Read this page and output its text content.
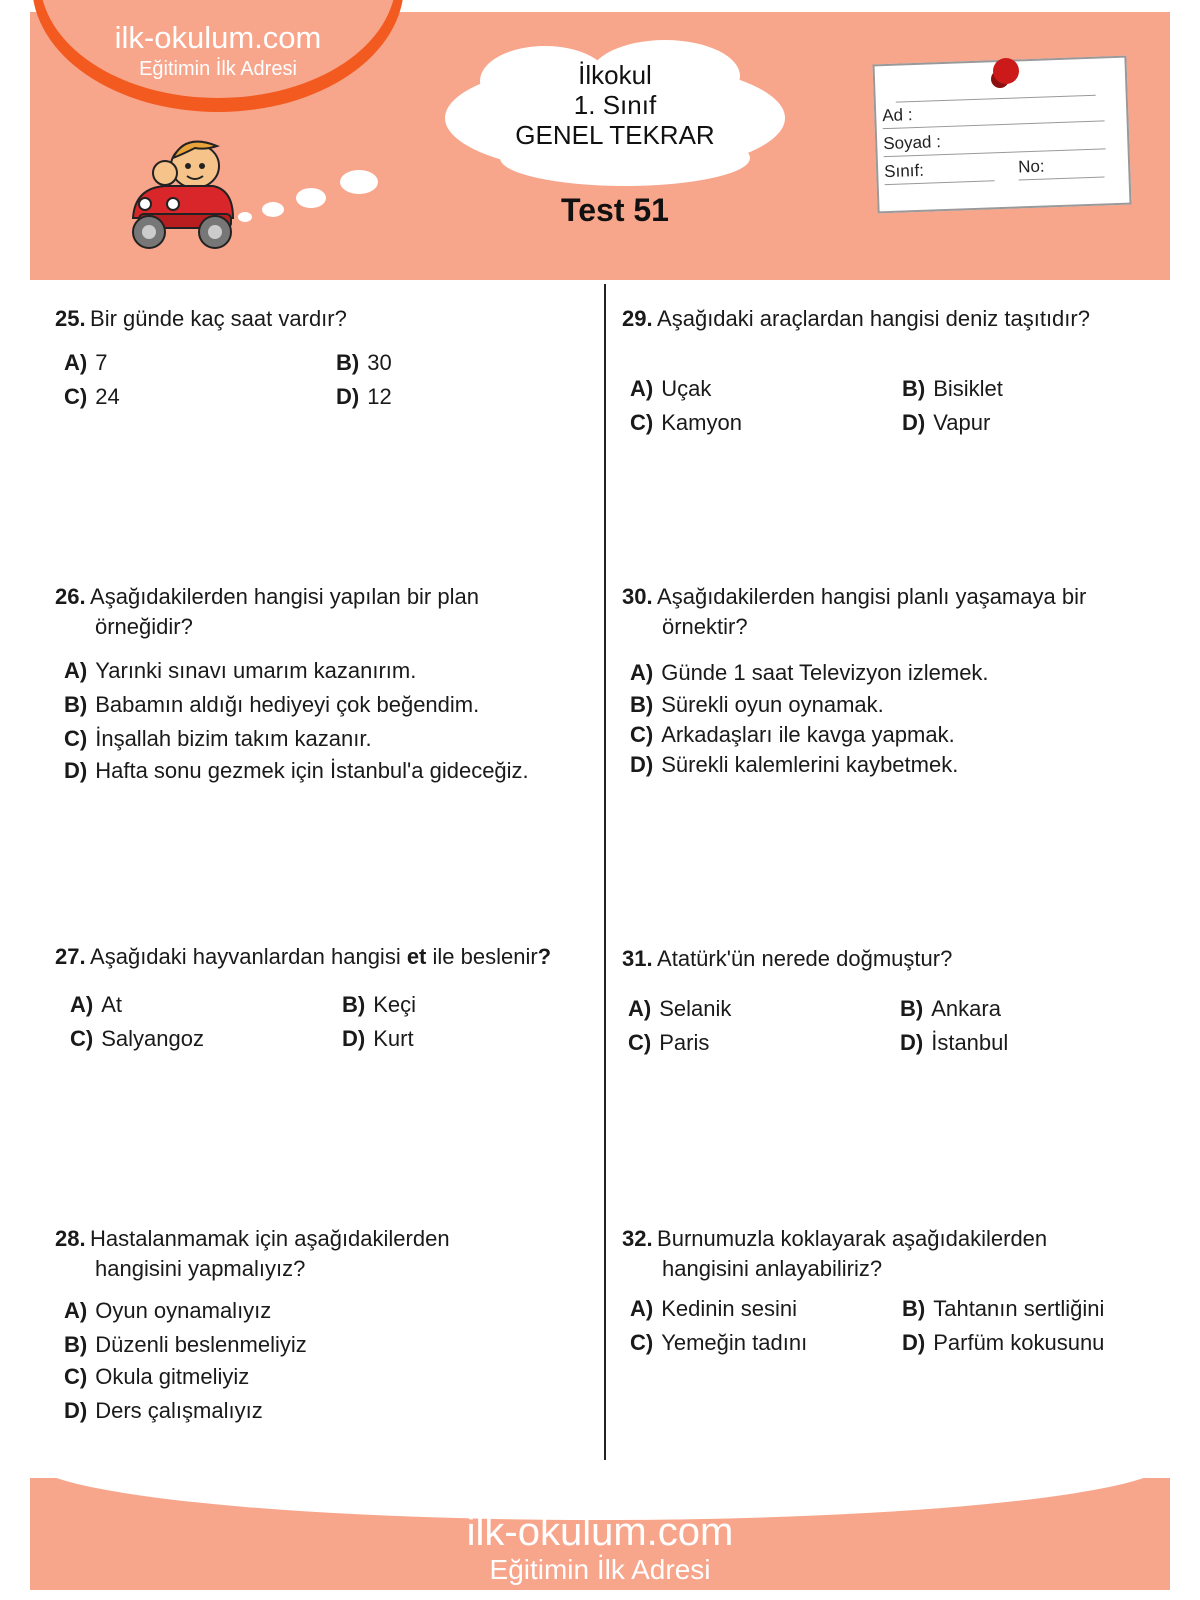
ilk-okulum.com
Eğitimin İlk Adresi	İlkokul
1. Sınıf
GENEL TEKRAR
Test 51
Ad :
Soyad :
Sınıf:	No:
25. Bir günde kaç saat vardır?
A) 7	B) 30
C) 24	D) 12
26. Aşağıdakilerden hangisi yapılan bir plan
örneğidir?
A) Yarınki sınavı umarım kazanırım.
B) Babamın aldığı hediyeyi çok beğendim.
C) İnşallah bizim takım kazanır.
D) Hafta sonu gezmek için İstanbul'a gideceğiz.
27. Aşağıdaki hayvanlardan hangisi et ile beslenir?
A) At	B) Keçi
C) Salyangoz	D) Kurt
28. Hastalanmamak için aşağıdakilerden
hangisini yapmalıyız?
A) Oyun oynamalıyız
B) Düzenli beslenmeliyiz
C) Okula gitmeliyiz
D) Ders çalışmalıyız
29. Aşağıdaki araçlardan hangisi deniz taşıtıdır?
A) Uçak	B) Bisiklet
C) Kamyon	D) Vapur
30. Aşağıdakilerden hangisi planlı yaşamaya bir
örnektir?
A) Günde 1 saat Televizyon izlemek.
B) Sürekli oyun oynamak.
C) Arkadaşları ile kavga yapmak.
D) Sürekli kalemlerini kaybetmek.
31. Atatürk'ün nerede doğmuştur?
A) Selanik	B) Ankara
C) Paris	D) İstanbul
32. Burnumuzla koklayarak aşağıdakilerden
hangisini anlayabiliriz?
A) Kedinin sesini	B) Tahtanın sertliğini
C) Yemeğin tadını	D) Parfüm kokusunu
ilk-okulum.com
Eğitimin İlk Adresi
